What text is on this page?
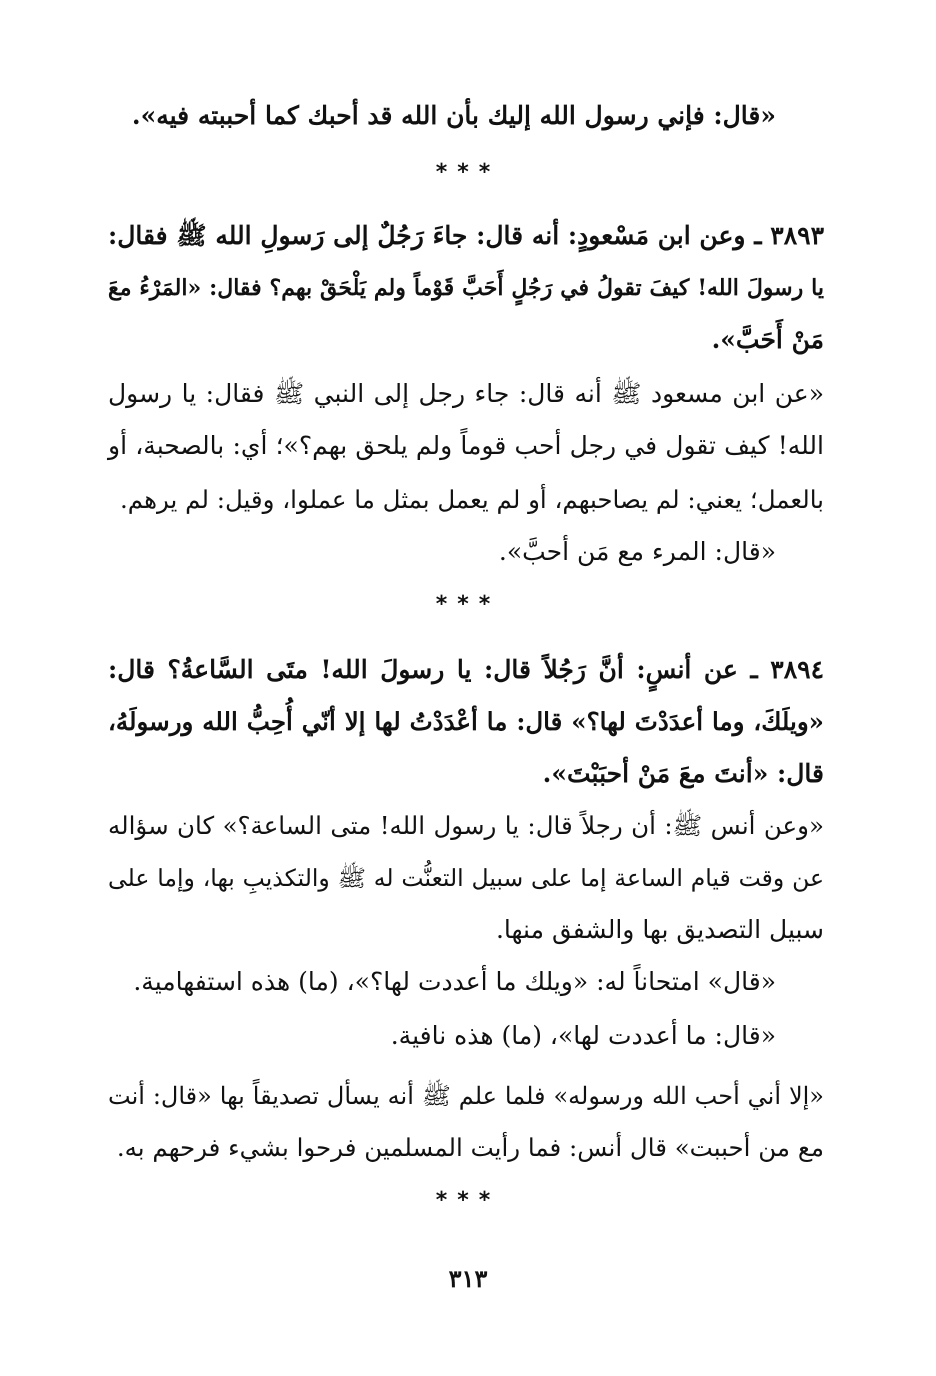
«قال: فإني رسول الله إليك بأن الله قد أحبك كما أحببته فيه».
***
٣٨٩٣ ـ وعن ابن مَسْعودٍ: أنه قال: جاءَ رَجُلٌ إلى رَسولِ الله ﷺ فقال:
يا رسولَ الله! كيفَ تقولُ في رَجُلٍ أَحَبَّ قَوْماً ولم يَلْحَقْ بهم؟ فقال: «المَرْءُ معَ
مَنْ أَحَبَّ».
«عن ابن مسعود ﷺ أنه قال: جاء رجل إلى النبي ﷺ فقال: يا رسول
الله! كيف تقول في رجل أحب قوماً ولم يلحق بهم؟»؛ أي: بالصحبة، أو
بالعمل؛ يعني: لم يصاحبهم، أو لم يعمل بمثل ما عملوا، وقيل: لم يرهم.
«قال: المرء مع مَن أحبَّ».
***
٣٨٩٤ ـ عن أنسٍ: أنَّ رَجُلاً قال: يا رسولَ الله! متَى السَّاعةُ؟ قال:
«ويلَكَ، وما أعدَدْتَ لها؟» قال: ما أعْدَدْتُ لها إلا أنّي أُحِبُّ الله ورسولَهُ،
قال: «أنتَ معَ مَنْ أحبَبْتَ».
«وعن أنس ﷺ: أن رجلاً قال: يا رسول الله! متى الساعة؟» كان سؤاله
عن وقت قيام الساعة إما على سبيل التعنُّت له ﷺ والتكذيبِ بها، وإما على
سبيل التصديق بها والشفق منها.
«قال» امتحاناً له: «ويلك ما أعددت لها؟»، (ما) هذه استفهامية.
«قال: ما أعددت لها»، (ما) هذه نافية.
«إلا أني أحب الله ورسوله» فلما علم ﷺ أنه يسأل تصديقاً بها «قال: أنت
مع من أحببت» قال أنس: فما رأيت المسلمين فرحوا بشيء فرحهم به.
***
٣١٣
